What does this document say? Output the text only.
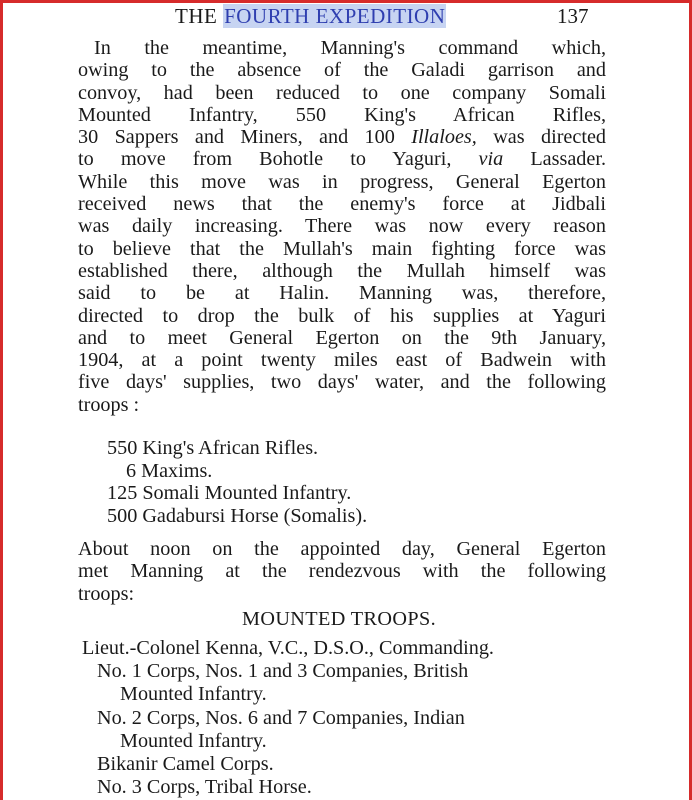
THE FOURTH EXPEDITION	137
In the meantime, Manning's command which,
owing to the absence of the Galadi garrison and
convoy, had been reduced to one company Somali
Mounted Infantry, 550 King's African Rifles,
30 Sappers and Miners, and 100 Illaloes, was directed
to move from Bohotle to Yaguri, via Lassader.
While this move was in progress, General Egerton
received news that the enemy's force at Jidbali
was daily increasing. There was now every reason
to believe that the Mullah's main fighting force was
established there, although the Mullah himself was
said to be at Halin. Manning was, therefore,
directed to drop the bulk of his supplies at Yaguri
and to meet General Egerton on the 9th January,
1904, at a point twenty miles east of Badwein with
five days' supplies, two days' water, and the following
troops :
550 King's African Rifles.
6 Maxims.
125 Somali Mounted Infantry.
500 Gadabursi Horse (Somalis).
About noon on the appointed day, General Egerton
met Manning at the rendezvous with the following
troops:
MOUNTED TROOPS.
Lieut.-Colonel Kenna, V.C., D.S.O., Commanding.
No. 1 Corps, Nos. 1 and 3 Companies, British
Mounted Infantry.
No. 2 Corps, Nos. 6 and 7 Companies, Indian
Mounted Infantry.
Bikanir Camel Corps.
No. 3 Corps, Tribal Horse.
